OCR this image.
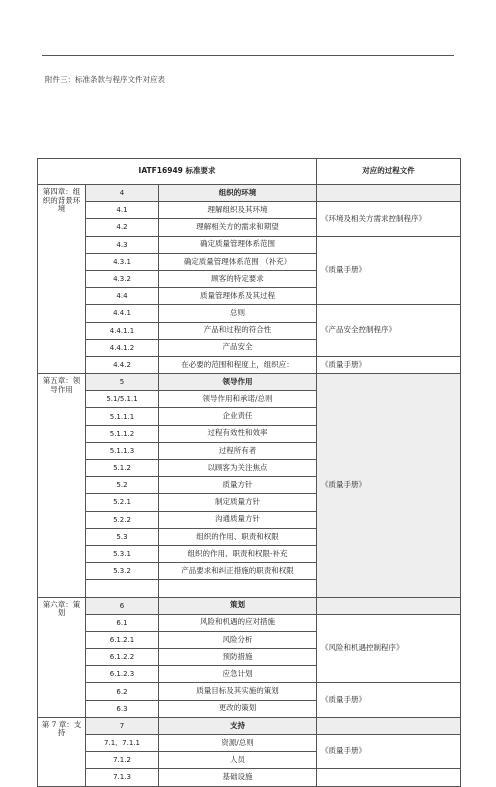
附件三：标准条款与程序文件对应表
IATF16949 标准要求			对应的过程文件
第四章：组织的背景环境	4	组织的环境	
	4.1	理解组织及其环境	《环境及相关方需求控制程序》
	4.2	理解相关方的需求和期望	
	4.3	确定质量管理体系范围	《质量手册》
	4.3.1	确定质量管理体系范围 （补充）	
	4.3.2	顾客的特定要求	
	4.4	质量管理体系及其过程	
	4.4.1	总则	《产品安全控制程序》
	4.4.1.1	产品和过程的符合性	
	4.4.1.2	产品安全	
	4.4.2	在必要的范围和程度上，组织应：	《质量手册》
第五章：领导作用	5	领导作用	《质量手册》
	5.1/5.1.1	领导作用和承诺/总则	
	5.1.1.1	企业责任	
	5.1.1.2	过程有效性和效率	
	5.1.1.3	过程所有者	
	5.1.2	以顾客为关注焦点	
	5.2	质量方针	
	5.2.1	制定质量方针	
	5.2.2	沟通质量方针	
	5.3	组织的作用、职责和权限	
	5.3.1	组织的作用、职责和权限-补充	
	5.3.2	产品要求和纠正措施的职责和权限	

第六章：策划	6	策划	
	6.1	风险和机遇的应对措施	《风险和机遇控制程序》
	6.1.2.1	风险分析	
	6.1.2.2	预防措施	
	6.1.2.3	应急计划	
	6.2	质量目标及其实施的策划	《质量手册》
	6.3	更改的策划	
第 7 章：支持	7	支持	
	7.1、7.1.1	资源/总则	《质量手册》
	7.1.2	人员	
	7.1.3	基础设施	
